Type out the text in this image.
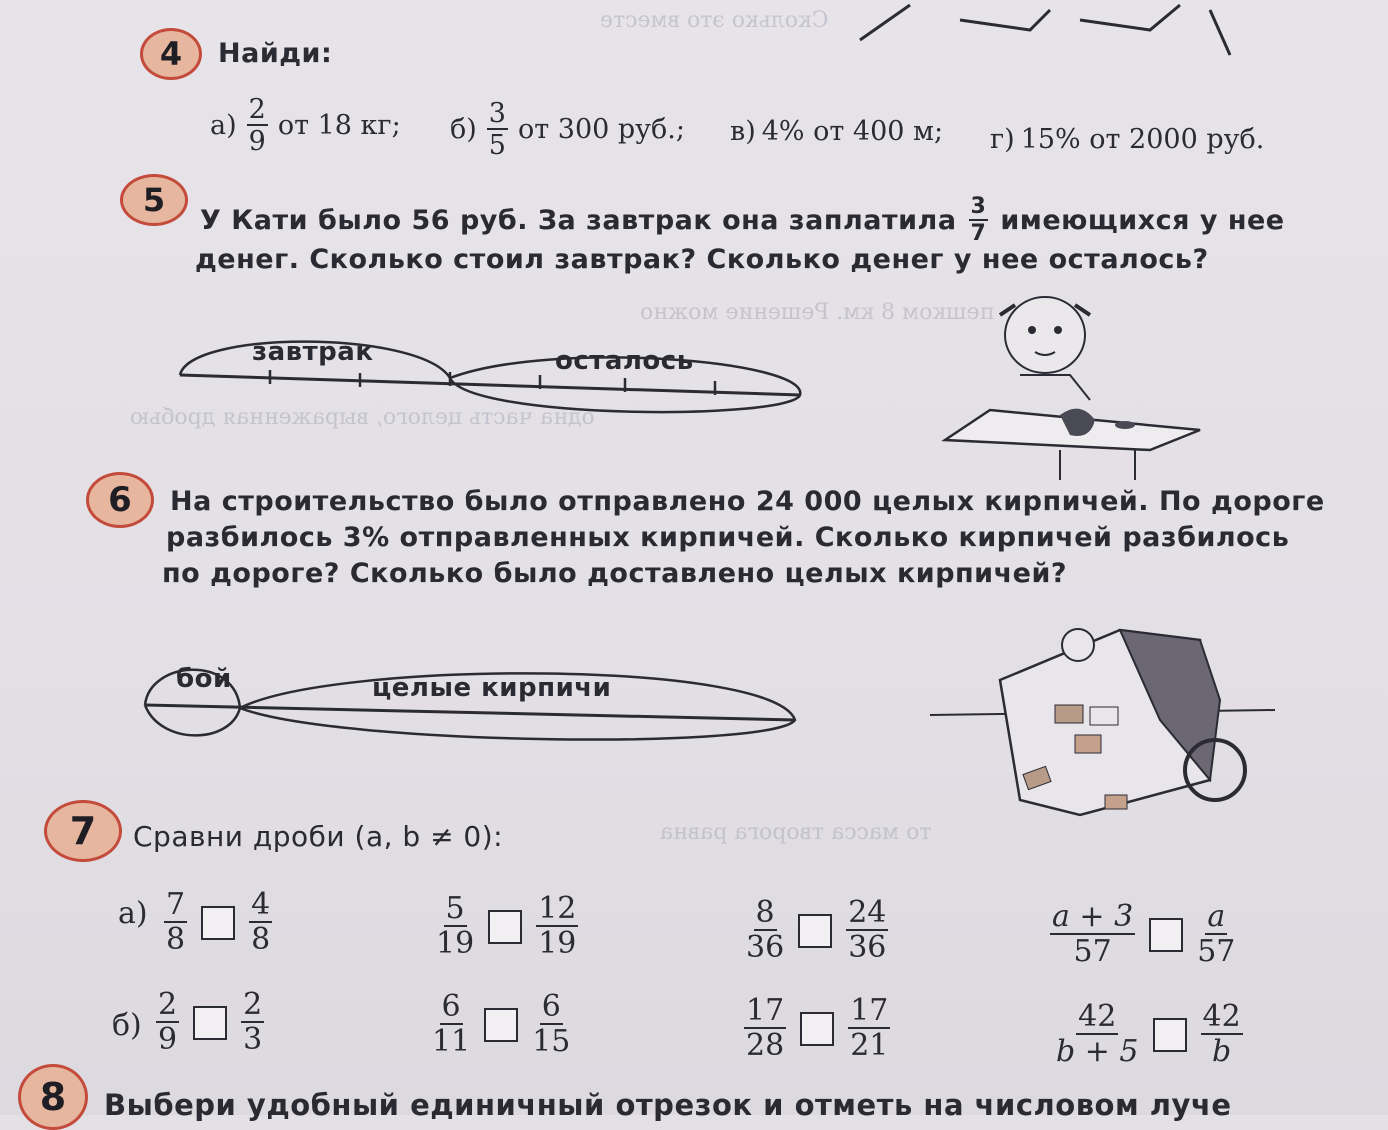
Сколько это вместе
пешком 8 км. Решение можно
одна часть целого, выраженная дробью
то масса творога равна
4 Найди:
$а) \frac{2}{9}$ от 18 кг; $б) \frac{3}{5}$ от 300 руб.; в) 4% от 400 м; г) 15% от 2000 руб.
5
У Кати было 56 руб. За завтрак она заплатила $\frac{3}{7}$ имеющихся у нее
денег. Сколько стоил завтрак? Сколько денег у нее осталось?
завтрак	осталось
6 На строительство было отправлено 24 000 целых кирпичей. По дороге
разбилось 3% отправленных кирпичей. Сколько кирпичей разбилось
по дороге? Сколько было доставлено целых кирпичей?
бой	целые кирпичи
7 Сравни дроби (a, b ≠ 0):
$а) \frac{7}{8} \frac{4}{8}$	$\frac{5}{19} \frac{12}{19}$	$\frac{8}{36} \frac{24}{36}$	$\frac{a + 3}{57} \frac{a}{57}$
$б) \frac{2}{9} \frac{2}{3}$	$\frac{6}{11} \frac{6}{15}$	$\frac{17}{28} \frac{17}{21}$	$\frac{42}{b + 5} \frac{42}{b}$
8 Выбери удобный единичный отрезок и отметь на числовом луче
